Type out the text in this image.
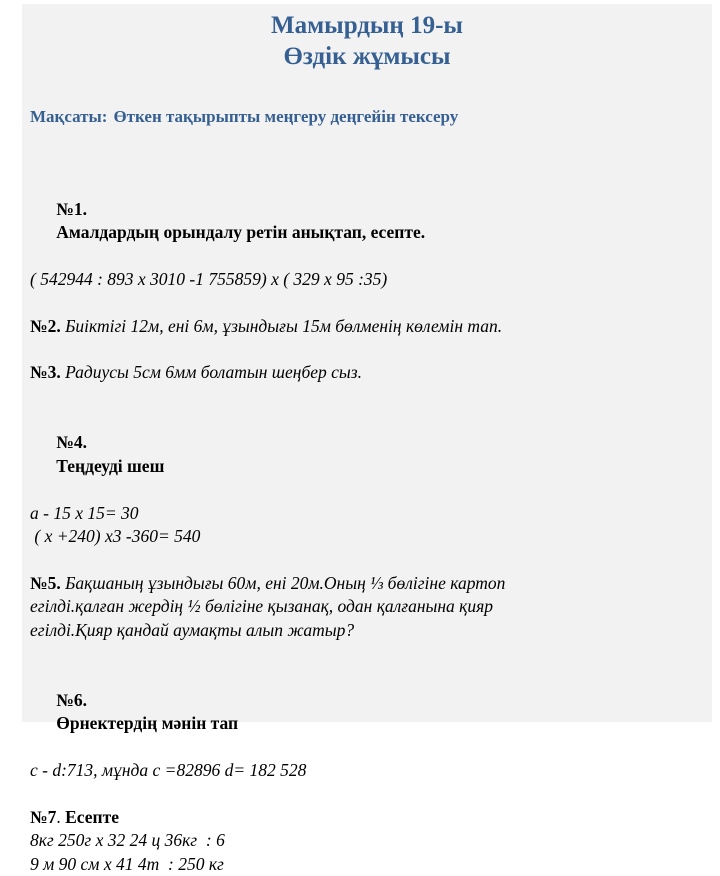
Мамырдың 19-ы
Өздік жұмысы
Мақсаты: Өткен тақырыпты меңгеру деңгейін тексеру

№1.
Амалдардың орындалу ретін анықтап, есепте.

( 542944 : 893 х 3010 -1 755859) х ( 329 х 95 :35)
№2. Биіктігі 12м, ені 6м, ұзындығы 15м бөлменің көлемін тап.
№3. Радиусы 5см 6мм болатын шеңбер сыз.

№4.
Теңдеуді шеш

а - 15 х 15= 30
( х +240) х3 -360= 540
№5. Бақшаның ұзындығы 60м, ені 20м.Оның ⅓ бөлігіне картоп
егілді.қалған жердің ½ бөлігіне қызанақ, одан қалғанына қияр
егілді.Қияр қандай аумақты алып жатыр?

№6.
Өрнектердің мәнін тап

с - d:713, мұнда с =82896 d= 182 528
№7. Есепте
8кг 250г х 32 24 ц 36кг  : 6
9 м 90 см х 41 4т  : 250 кг
